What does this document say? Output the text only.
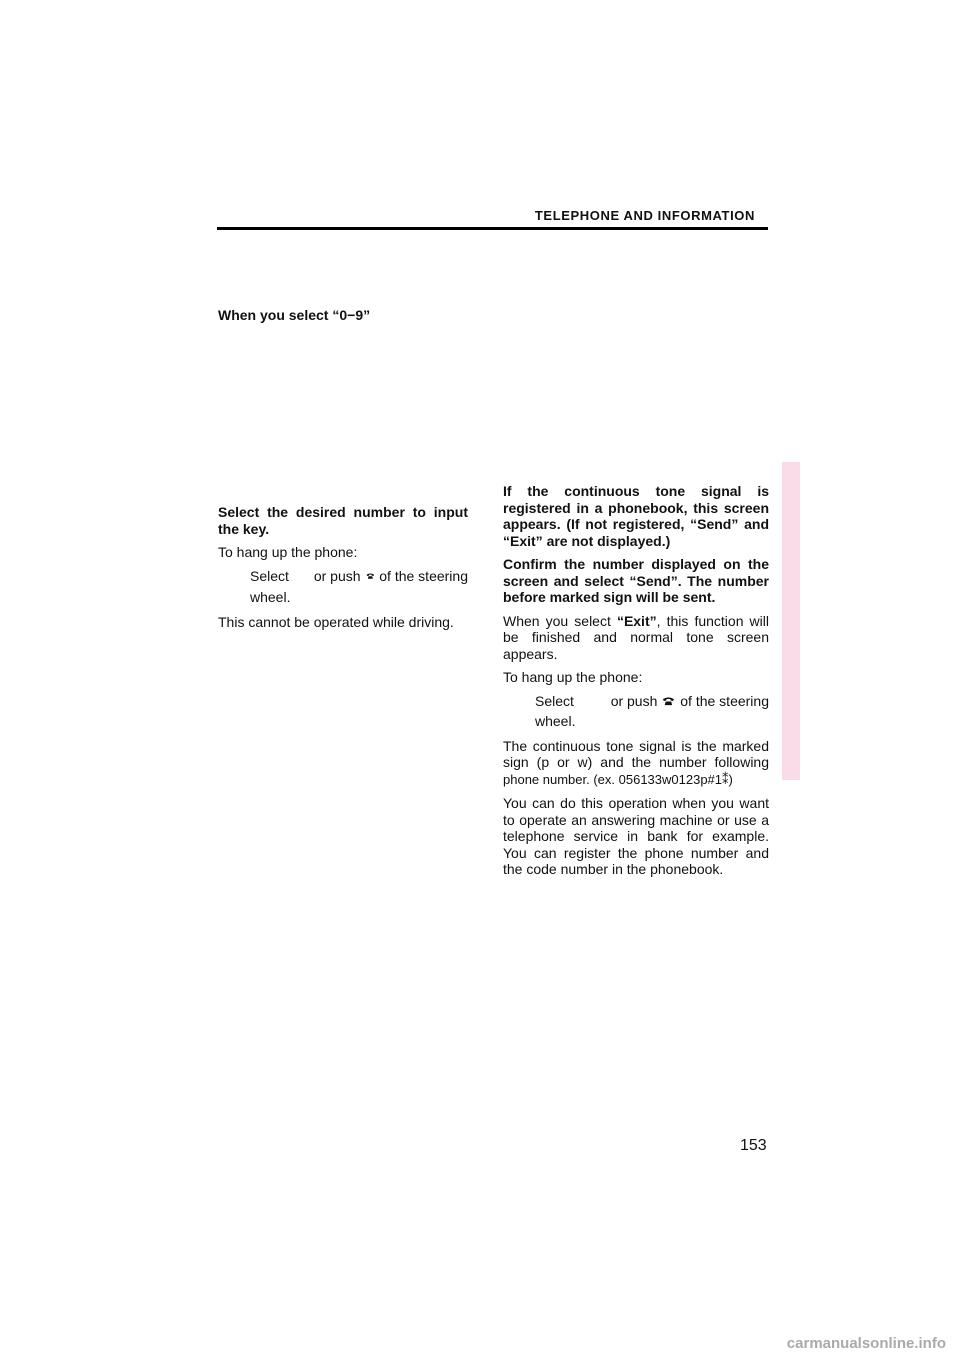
TELEPHONE AND INFORMATION
When you select “0−9”

Select the desired number to input the key.

To hang up the phone:

Select or push of the steering
wheel.

This cannot be operated while driving.

If the continuous tone signal is registered in a phonebook, this screen appears. (If not registered, “Send” and “Exit” are not displayed.)

Confirm the number displayed on the screen and select “Send”. The number before marked sign will be sent.

When you select “Exit”, this function will be finished and normal tone screen appears.

To hang up the phone:

Select	or push of the steering
wheel.

The continuous tone signal is the marked sign (p or w) and the number following phone number. (ex. 056133w0123p#1⁑)

You can do this operation when you want to operate an answering machine or use a telephone service in bank for example. You can register the phone number and the code number in the phonebook.

153
carmanualsonline.info
